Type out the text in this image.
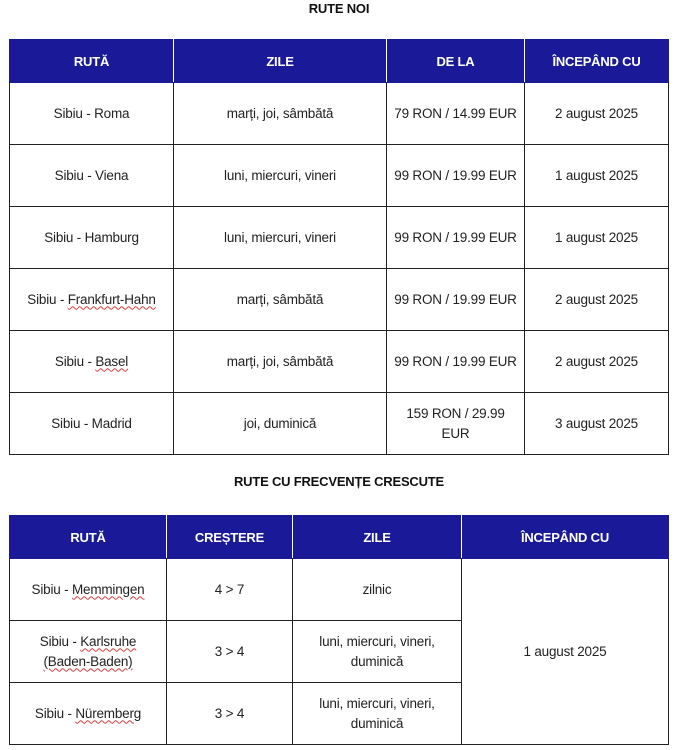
RUTE NOI
RUTĂ	ZILE	DE LA	ÎNCEPÂND CU
Sibiu - Roma	marți, joi, sâmbătă	79 RON / 14.99 EUR	2 august 2025
Sibiu - Viena	luni, miercuri, vineri	99 RON / 19.99 EUR	1 august 2025
Sibiu - Hamburg	luni, miercuri, vineri	99 RON / 19.99 EUR	1 august 2025
Sibiu - Frankfurt-Hahn	marți, sâmbătă	99 RON / 19.99 EUR	2 august 2025
Sibiu - Basel	marți, joi, sâmbătă	99 RON / 19.99 EUR	2 august 2025
Sibiu - Madrid	joi, duminică	159 RON / 29.99 EUR	3 august 2025
RUTE CU FRECVENȚE CRESCUTE
RUTĂ	CREȘTERE	ZILE	ÎNCEPÂND CU
Sibiu - Memmingen	4 > 7	zilnic	1 august 2025
Sibiu - Karlsruhe
(Baden-Baden)	3 > 4	luni, miercuri, vineri, duminică	
Sibiu - Nüremberg	3 > 4	luni, miercuri, vineri, duminică	
